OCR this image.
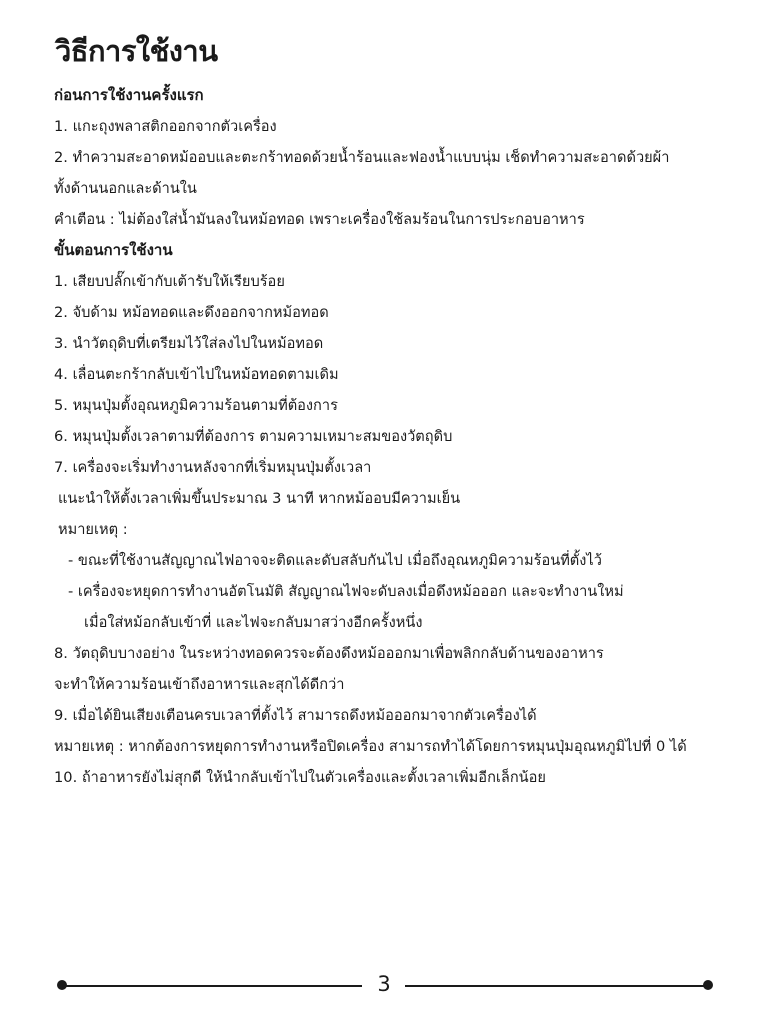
วิธีการใช้งาน
ก่อนการใช้งานครั้งแรก
1. แกะถุงพลาสติกออกจากตัวเครื่อง
2. ทำความสะอาดหม้ออบและตะกร้าทอดด้วยน้ำร้อนและฟองน้ำแบบนุ่ม เช็ดทำความสะอาดด้วยผ้า
ทั้งด้านนอกและด้านใน
คำเตือน : ไม่ต้องใส่น้ำมันลงในหม้อทอด เพราะเครื่องใช้ลมร้อนในการประกอบอาหาร
ขั้นตอนการใช้งาน
1. เสียบปลั๊กเข้ากับเต้ารับให้เรียบร้อย
2. จับด้าม หม้อทอดและดึงออกจากหม้อทอด
3. นำวัตถุดิบที่เตรียมไว้ใส่ลงไปในหม้อทอด
4. เลื่อนตะกร้ากลับเข้าไปในหม้อทอดตามเดิม
5. หมุนปุ่มตั้งอุณหภูมิความร้อนตามที่ต้องการ
6. หมุนปุ่มตั้งเวลาตามที่ต้องการ ตามความเหมาะสมของวัตถุดิบ
7. เครื่องจะเริ่มทำงานหลังจากที่เริ่มหมุนปุ่มตั้งเวลา
แนะนำให้ตั้งเวลาเพิ่มขึ้นประมาณ 3 นาที หากหม้ออบมีความเย็น
หมายเหตุ :
- ขณะที่ใช้งานสัญญาณไฟอาจจะติดและดับสลับกันไป เมื่อถึงอุณหภูมิความร้อนที่ตั้งไว้
- เครื่องจะหยุดการทำงานอัตโนมัติ สัญญาณไฟจะดับลงเมื่อดึงหม้อออก และจะทำงานใหม่
เมื่อใส่หม้อกลับเข้าที่ และไฟจะกลับมาสว่างอีกครั้งหนึ่ง
8. วัตถุดิบบางอย่าง ในระหว่างทอดควรจะต้องดึงหม้อออกมาเพื่อพลิกกลับด้านของอาหาร
จะทำให้ความร้อนเข้าถึงอาหารและสุกได้ดีกว่า
9. เมื่อได้ยินเสียงเตือนครบเวลาที่ตั้งไว้ สามารถดึงหม้อออกมาจากตัวเครื่องได้
หมายเหตุ : หากต้องการหยุดการทำงานหรือปิดเครื่อง สามารถทำได้โดยการหมุนปุ่มอุณหภูมิไปที่ 0 ได้
10. ถ้าอาหารยังไม่สุกดี ให้นำกลับเข้าไปในตัวเครื่องและตั้งเวลาเพิ่มอีกเล็กน้อย
3
